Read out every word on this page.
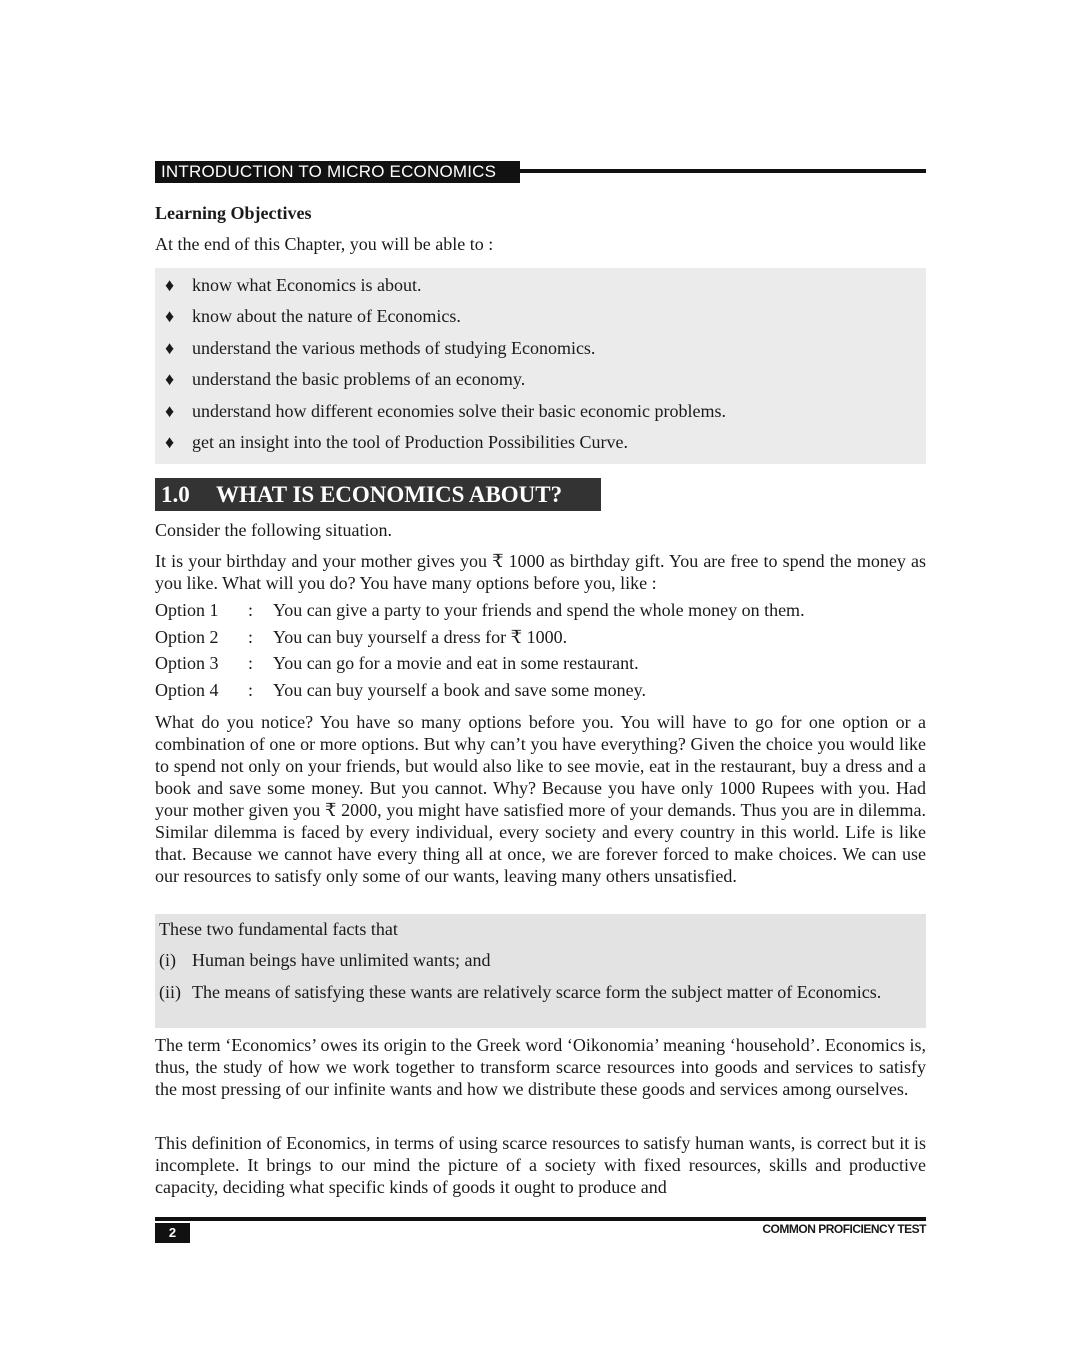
INTRODUCTION TO MICRO ECONOMICS
Learning Objectives
At the end of this Chapter, you will be able to :
♦ know what Economics is about.
♦ know about the nature of Economics.
♦ understand the various methods of studying Economics.
♦ understand the basic problems of an economy.
♦ understand how different economies solve their basic economic problems.
♦ get an insight into the tool of Production Possibilities Curve.
1.0 WHAT IS ECONOMICS ABOUT?
Consider the following situation.
It is your birthday and your mother gives you ₹ 1000 as birthday gift. You are free to spend the money as you like. What will you do? You have many options before you, like :
Option 1 : You can give a party to your friends and spend the whole money on them.
Option 2 : You can buy yourself a dress for ₹ 1000.
Option 3 : You can go for a movie and eat in some restaurant.
Option 4 : You can buy yourself a book and save some money.
What do you notice? You have so many options before you. You will have to go for one option or a combination of one or more options. But why can’t you have everything? Given the choice you would like to spend not only on your friends, but would also like to see movie, eat in the restaurant, buy a dress and a book and save some money. But you cannot. Why? Because you have only 1000 Rupees with you. Had your mother given you ₹ 2000, you might have satisfied more of your demands. Thus you are in dilemma. Similar dilemma is faced by every individual, every society and every country in this world. Life is like that. Because we cannot have every thing all at once, we are forever forced to make choices. We can use our resources to satisfy only some of our wants, leaving many others unsatisfied.
These two fundamental facts that
(i) Human beings have unlimited wants; and
(ii) The means of satisfying these wants are relatively scarce form the subject matter of Economics.
The term ‘Economics’ owes its origin to the Greek word ‘Oikonomia’ meaning ‘household’. Economics is, thus, the study of how we work together to transform scarce resources into goods and services to satisfy the most pressing of our infinite wants and how we distribute these goods and services among ourselves.
This definition of Economics, in terms of using scarce resources to satisfy human wants, is correct but it is incomplete. It brings to our mind the picture of a society with fixed resources, skills and productive capacity, deciding what specific kinds of goods it ought to produce and
2	COMMON PROFICIENCY TEST
